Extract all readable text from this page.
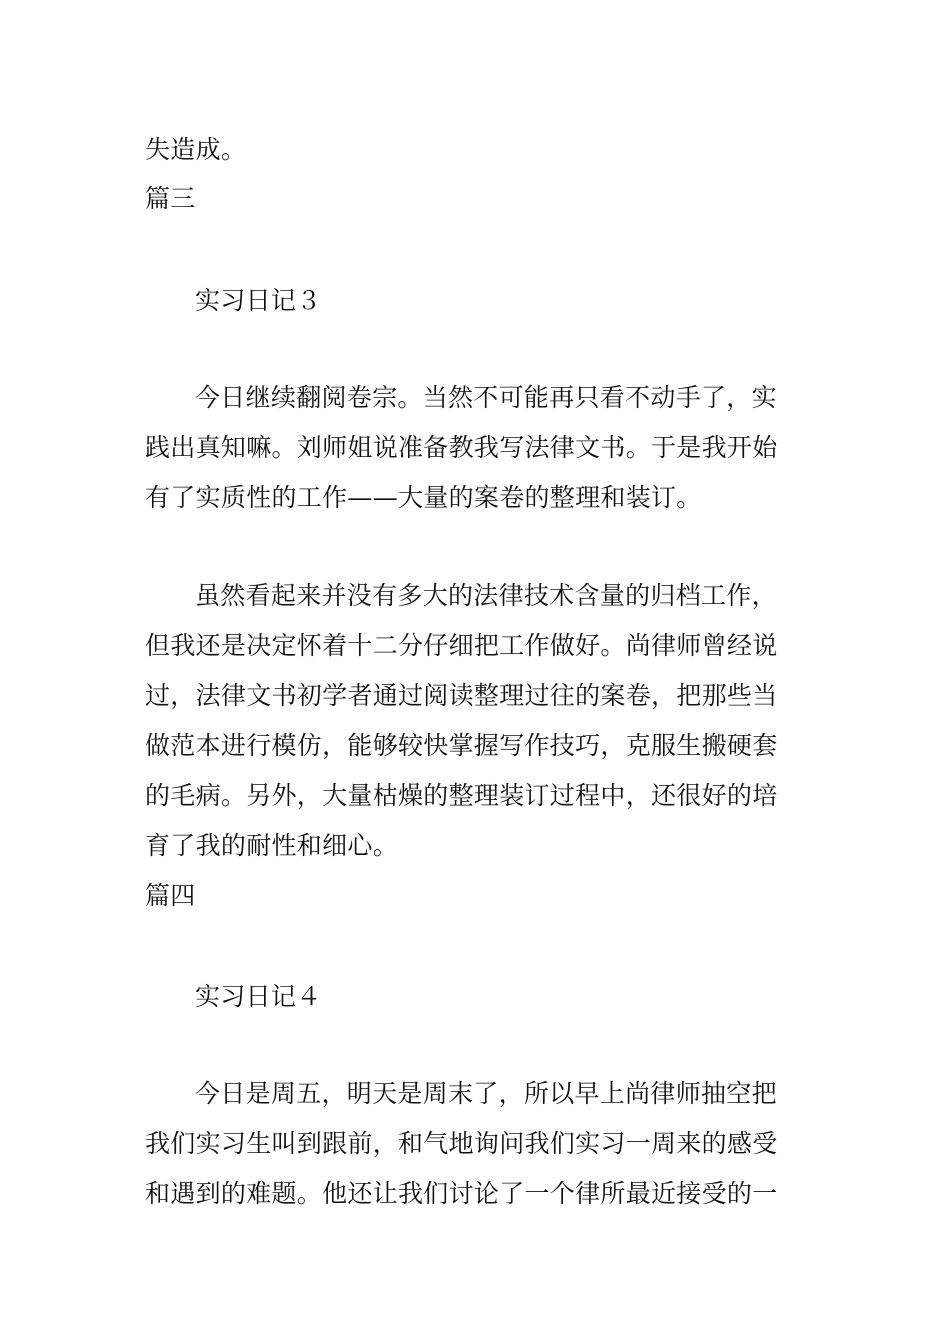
失造成。
篇三
实习日记３
今日继续翻阅卷宗。当然不可能再只看不动手了，实
践出真知嘛。刘师姐说准备教我写法律文书。于是我开始
有了实质性的工作——大量的案卷的整理和装订。
虽然看起来并没有多大的法律技术含量的归档工作，
但我还是决定怀着十二分仔细把工作做好。尚律师曾经说
过，法律文书初学者通过阅读整理过往的案卷，把那些当
做范本进行模仿，能够较快掌握写作技巧，克服生搬硬套
的毛病。另外，大量枯燥的整理装订过程中，还很好的培
育了我的耐性和细心。
篇四
实习日记４
今日是周五，明天是周末了，所以早上尚律师抽空把
我们实习生叫到跟前，和气地询问我们实习一周来的感受
和遇到的难题。他还让我们讨论了一个律所最近接受的一
